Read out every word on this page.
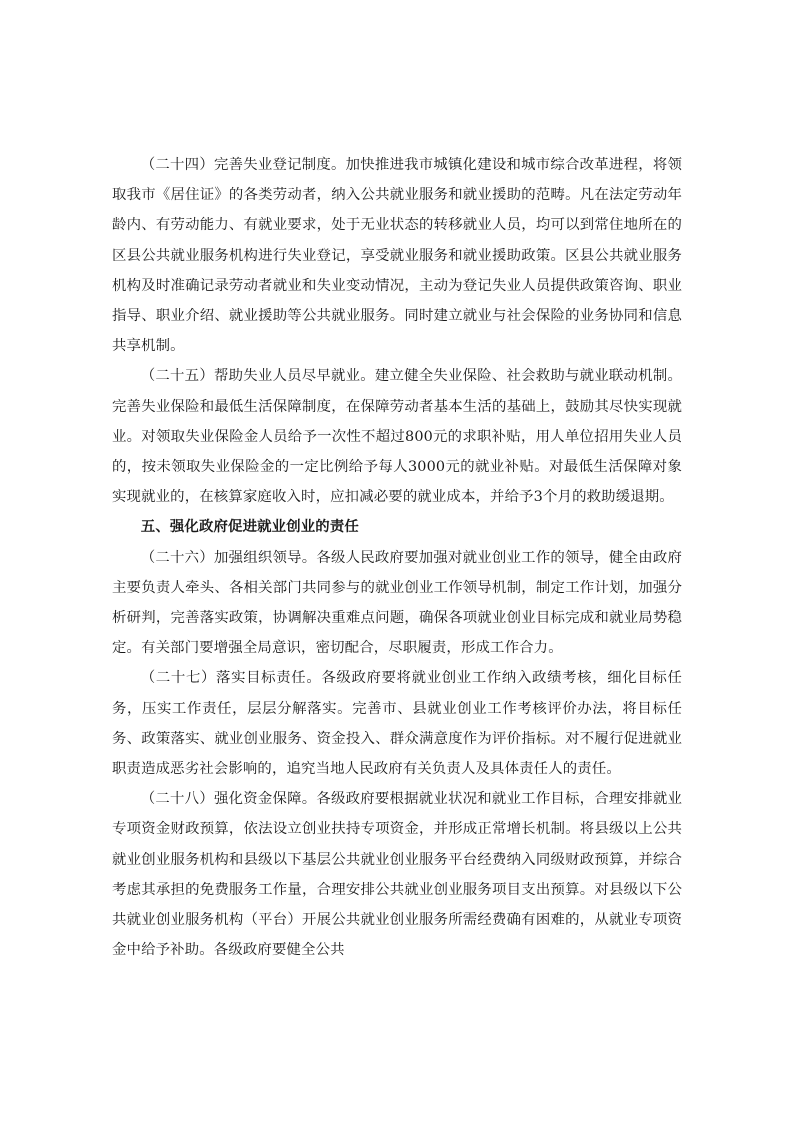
（二十四）完善失业登记制度。加快推进我市城镇化建设和城市综合改革进程，将领取我市《居住证》的各类劳动者，纳入公共就业服务和就业援助的范畴。凡在法定劳动年龄内、有劳动能力、有就业要求，处于无业状态的转移就业人员，均可以到常住地所在的区县公共就业服务机构进行失业登记，享受就业服务和就业援助政策。区县公共就业服务机构及时准确记录劳动者就业和失业变动情况，主动为登记失业人员提供政策咨询、职业指导、职业介绍、就业援助等公共就业服务。同时建立就业与社会保险的业务协同和信息共享机制。

（二十五）帮助失业人员尽早就业。建立健全失业保险、社会救助与就业联动机制。完善失业保险和最低生活保障制度，在保障劳动者基本生活的基础上，鼓励其尽快实现就业。对领取失业保险金人员给予一次性不超过800元的求职补贴，用人单位招用失业人员的，按未领取失业保险金的一定比例给予每人3000元的就业补贴。对最低生活保障对象实现就业的，在核算家庭收入时，应扣减必要的就业成本，并给予3个月的救助缓退期。

五、强化政府促进就业创业的责任

（二十六）加强组织领导。各级人民政府要加强对就业创业工作的领导，健全由政府主要负责人牵头、各相关部门共同参与的就业创业工作领导机制，制定工作计划，加强分析研判，完善落实政策，协调解决重难点问题，确保各项就业创业目标完成和就业局势稳定。有关部门要增强全局意识，密切配合，尽职履责，形成工作合力。

（二十七）落实目标责任。各级政府要将就业创业工作纳入政绩考核，细化目标任务，压实工作责任，层层分解落实。完善市、县就业创业工作考核评价办法，将目标任务、政策落实、就业创业服务、资金投入、群众满意度作为评价指标。对不履行促进就业职责造成恶劣社会影响的，追究当地人民政府有关负责人及具体责任人的责任。

（二十八）强化资金保障。各级政府要根据就业状况和就业工作目标，合理安排就业专项资金财政预算，依法设立创业扶持专项资金，并形成正常增长机制。将县级以上公共就业创业服务机构和县级以下基层公共就业创业服务平台经费纳入同级财政预算，并综合考虑其承担的免费服务工作量，合理安排公共就业创业服务项目支出预算。对县级以下公共就业创业服务机构（平台）开展公共就业创业服务所需经费确有困难的，从就业专项资金中给予补助。各级政府要健全公共
